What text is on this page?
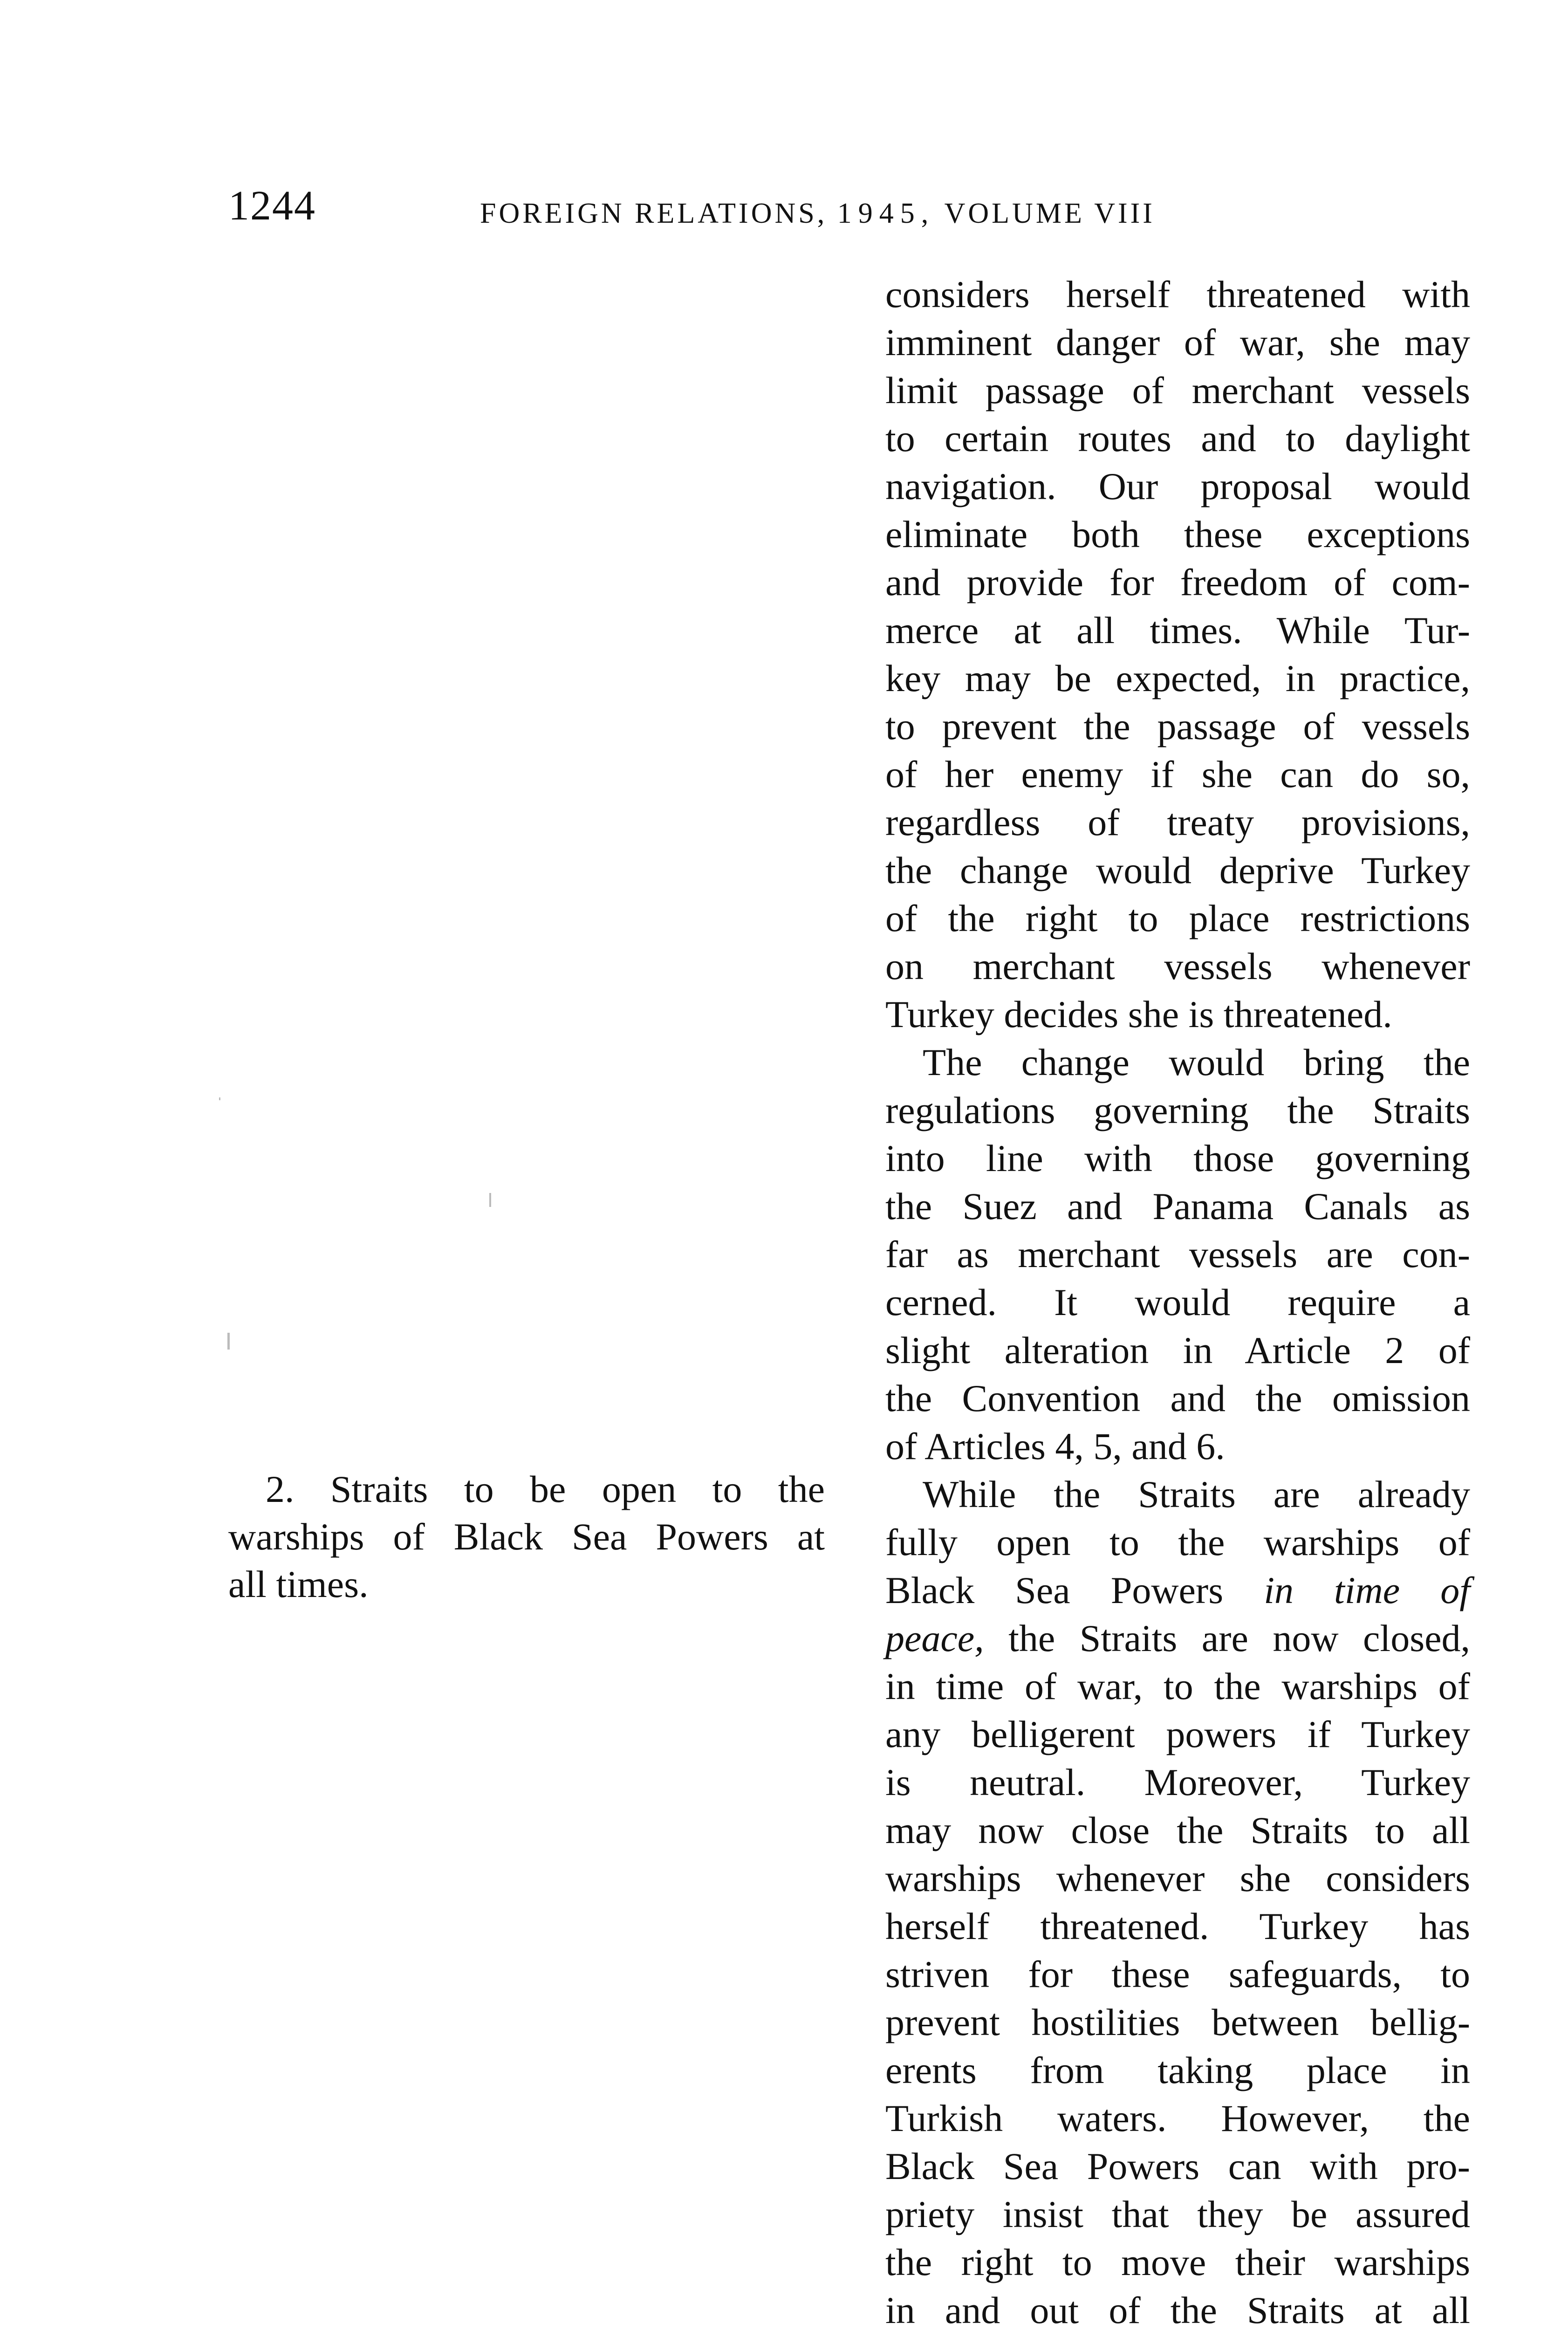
1244	FOREIGN RELATIONS, 1945, VOLUME VIII
2. Straits to be open to the
warships of Black Sea Powers at
all times.
considers herself threatened with
imminent danger of war, she may
limit passage of merchant vessels
to certain routes and to daylight
navigation. Our proposal would
eliminate both these exceptions
and provide for freedom of com-
merce at all times. While Tur-
key may be expected, in practice,
to prevent the passage of vessels
of her enemy if she can do so,
regardless of treaty provisions,
the change would deprive Turkey
of the right to place restrictions
on merchant vessels whenever
Turkey decides she is threatened.
The change would bring the
regulations governing the Straits
into line with those governing
the Suez and Panama Canals as
far as merchant vessels are con-
cerned. It would require a
slight alteration in Article 2 of
the Convention and the omission
of Articles 4, 5, and 6.
While the Straits are already
fully open to the warships of
Black Sea Powers in time of
peace, the Straits are now closed,
in time of war, to the warships of
any belligerent powers if Turkey
is neutral. Moreover, Turkey
may now close the Straits to all
warships whenever she considers
herself threatened. Turkey has
striven for these safeguards, to
prevent hostilities between bellig-
erents from taking place in
Turkish waters. However, the
Black Sea Powers can with pro-
priety insist that they be assured
the right to move their warships
in and out of the Straits at all
